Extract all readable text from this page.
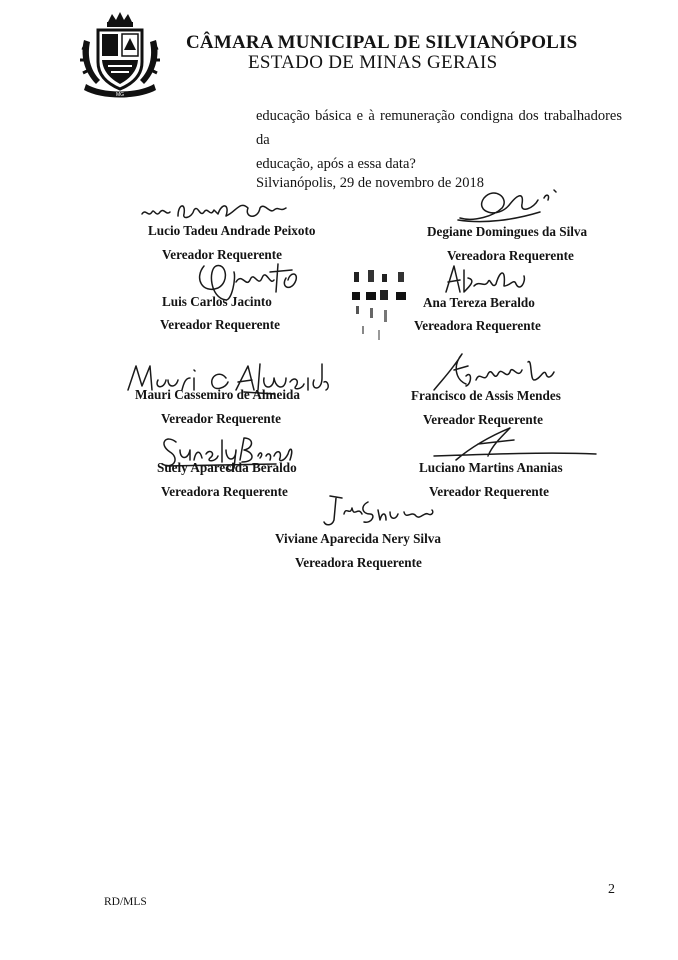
MG
CÂMARA MUNICIPAL DE SILVIANÓPOLIS
ESTADO DE MINAS GERAIS

educação básica e à remuneração condigna dos trabalhadores da

educação, após a essa data?

Silvianópolis, 29 de novembro de 2018
Lucio Tadeu Andrade Peixoto
Vereador Requerente
Degiane Domingues da Silva
Vereadora Requerente
Luis Carlos Jacinto
Vereador Requerente
Ana Tereza Beraldo
Vereadora Requerente
Mauri Cassemiro de Almeida
Vereador Requerente
Francisco de Assis Mendes
Vereador Requerente
Suely Aparecida Beraldo
Vereadora Requerente
Luciano Martins Ananias
Vereador Requerente
Viviane Aparecida Nery Silva
Vereadora Requerente
RD/MLS
2
